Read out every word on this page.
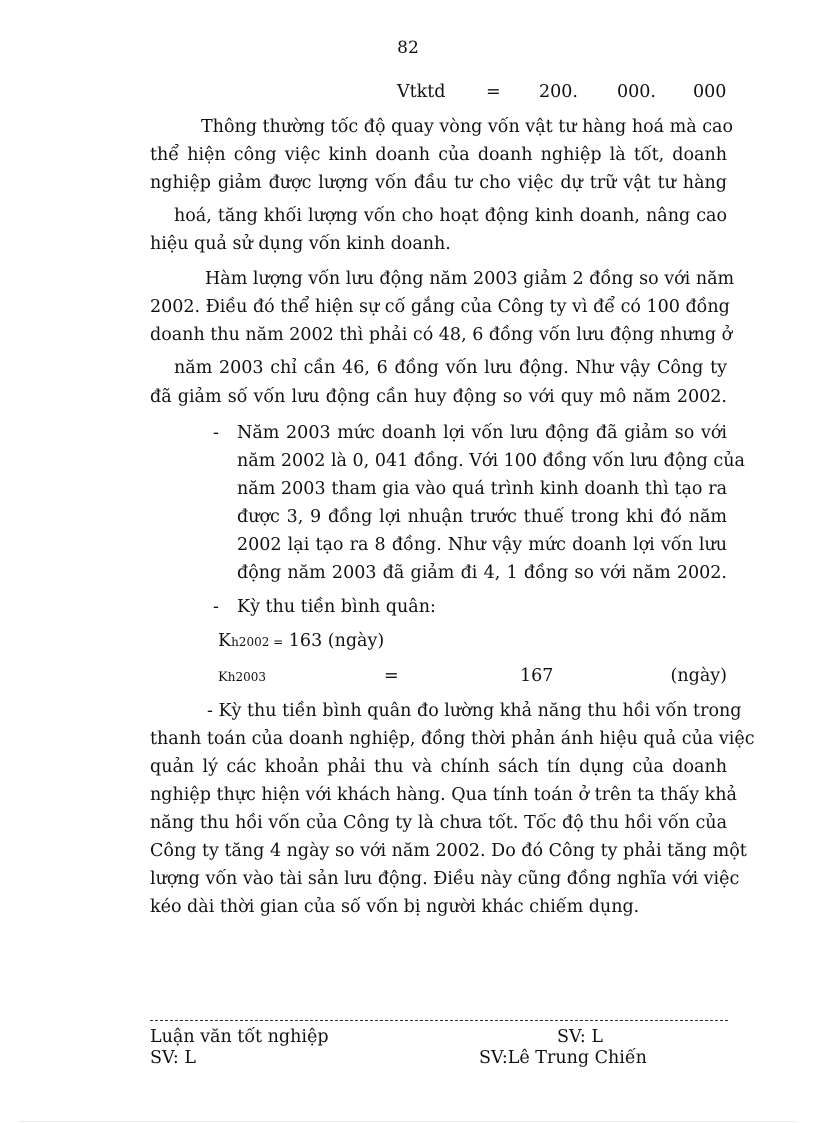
82
Vtktd = 200. 000. 000
Thông thường tốc độ quay vòng vốn vật tư hàng hoá mà cao
thể hiện công việc kinh doanh của doanh nghiệp là tốt, doanh
nghiệp giảm được lượng vốn đầu tư cho việc dự trữ vật tư hàng
hoá, tăng khối lượng vốn cho hoạt động kinh doanh, nâng cao
hiệu quả sử dụng vốn kinh doanh.
Hàm lượng vốn lưu động năm 2003 giảm 2 đồng so với năm
2002. Điều đó thể hiện sự cố gắng của Công ty vì để có 100 đồng
doanh thu năm 2002 thì phải có 48, 6 đồng vốn lưu động nhưng ở
năm 2003 chỉ cần 46, 6 đồng vốn lưu động. Như vậy Công ty
đã giảm số vốn lưu động cần huy động so với quy mô năm 2002.
- Năm 2003 mức doanh lợi vốn lưu động đã giảm so với
năm 2002 là 0, 041 đồng. Với 100 đồng vốn lưu động của
năm 2003 tham gia vào quá trình kinh doanh thì tạo ra
được 3, 9 đồng lợi nhuận trước thuế trong khi đó năm
2002 lại tạo ra 8 đồng. Như vậy mức doanh lợi vốn lưu
động năm 2003 đã giảm đi 4, 1 đồng so với năm 2002.
- Kỳ thu tiền bình quân:
Kh2002 = 163 (ngày)
Kh2003	=	167	(ngày)
- Kỳ thu tiền bình quân đo lường khả năng thu hồi vốn trong
thanh toán của doanh nghiệp, đồng thời phản ánh hiệu quả của việc
quản lý các khoản phải thu và chính sách tín dụng của doanh
nghiệp thực hiện với khách hàng. Qua tính toán ở trên ta thấy khả
năng thu hồi vốn của Công ty là chưa tốt. Tốc độ thu hồi vốn của
Công ty tăng 4 ngày so với năm 2002. Do đó Công ty phải tăng một
lượng vốn vào tài sản lưu động. Điều này cũng đồng nghĩa với việc
kéo dài thời gian của số vốn bị người khác chiếm dụng.
Luận văn tốt nghiệp	SV: L
SV: L	SV:Lê Trung Chiến
